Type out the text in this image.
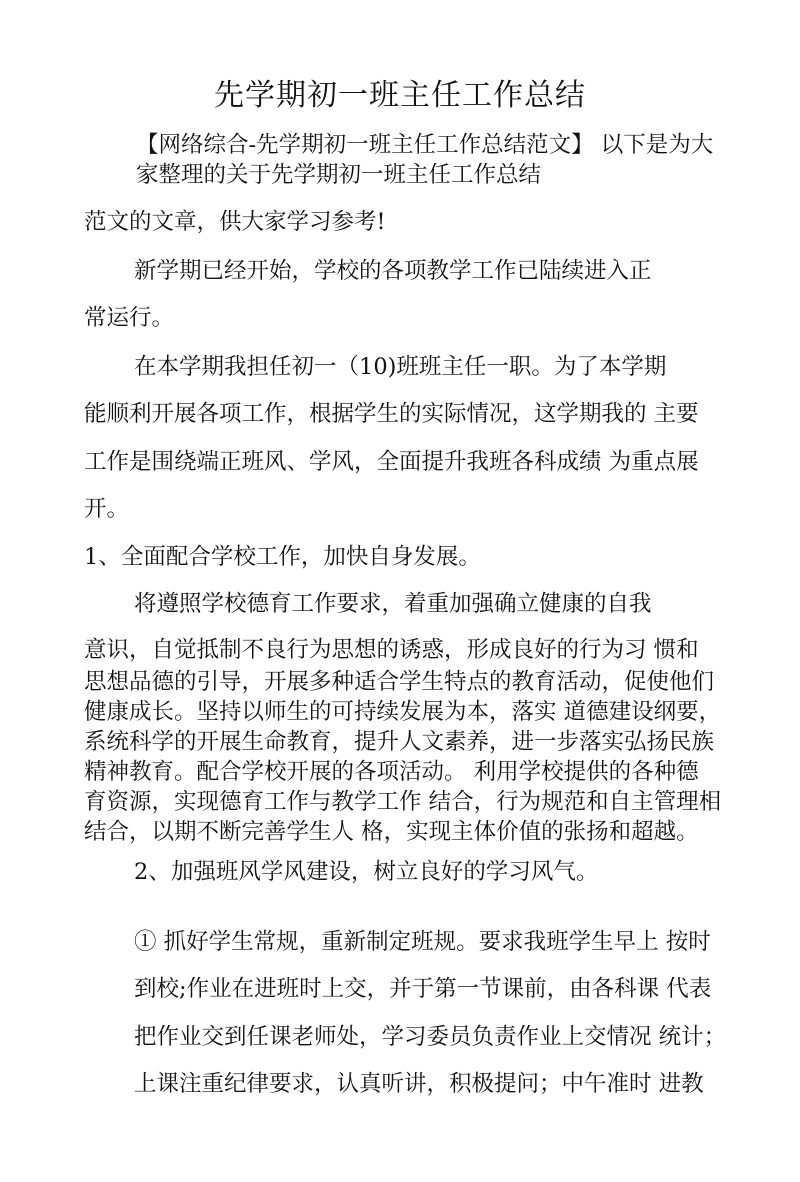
先学期初一班主任工作总结
【网络综合-先学期初一班主任工作总结范文】 以下是为大
家整理的关于先学期初一班主任工作总结
范文的文章，供大家学习参考!
新学期已经开始，学校的各项教学工作已陆续进入正
常运行。
在本学期我担任初一（10)班班主任一职。为了本学期
能顺利开展各项工作，根据学生的实际情况，这学期我的 主要
工作是围绕端正班风、学风，全面提升我班各科成绩 为重点展
开。
1、全面配合学校工作，加快自身发展。
将遵照学校德育工作要求，着重加强确立健康的自我
意识，自觉抵制不良行为思想的诱惑，形成良好的行为习 惯和
思想品德的引导，开展多种适合学生特点的教育活动，促使他们
健康成长。坚持以师生的可持续发展为本，落实 道德建设纲要，
系统科学的开展生命教育，提升人文素养，进一步落实弘扬民族
精神教育。配合学校开展的各项活动。 利用学校提供的各种德
育资源，实现德育工作与教学工作 结合，行为规范和自主管理相
结合，以期不断完善学生人 格，实现主体价值的张扬和超越。
2、加强班风学风建设，树立良好的学习风气。
① 抓好学生常规，重新制定班规。要求我班学生早上 按时
到校;作业在进班时上交，并于第一节课前，由各科课 代表
把作业交到任课老师处，学习委员负责作业上交情况 统计；
上课注重纪律要求，认真听讲，积极提问；中午准时 进教
